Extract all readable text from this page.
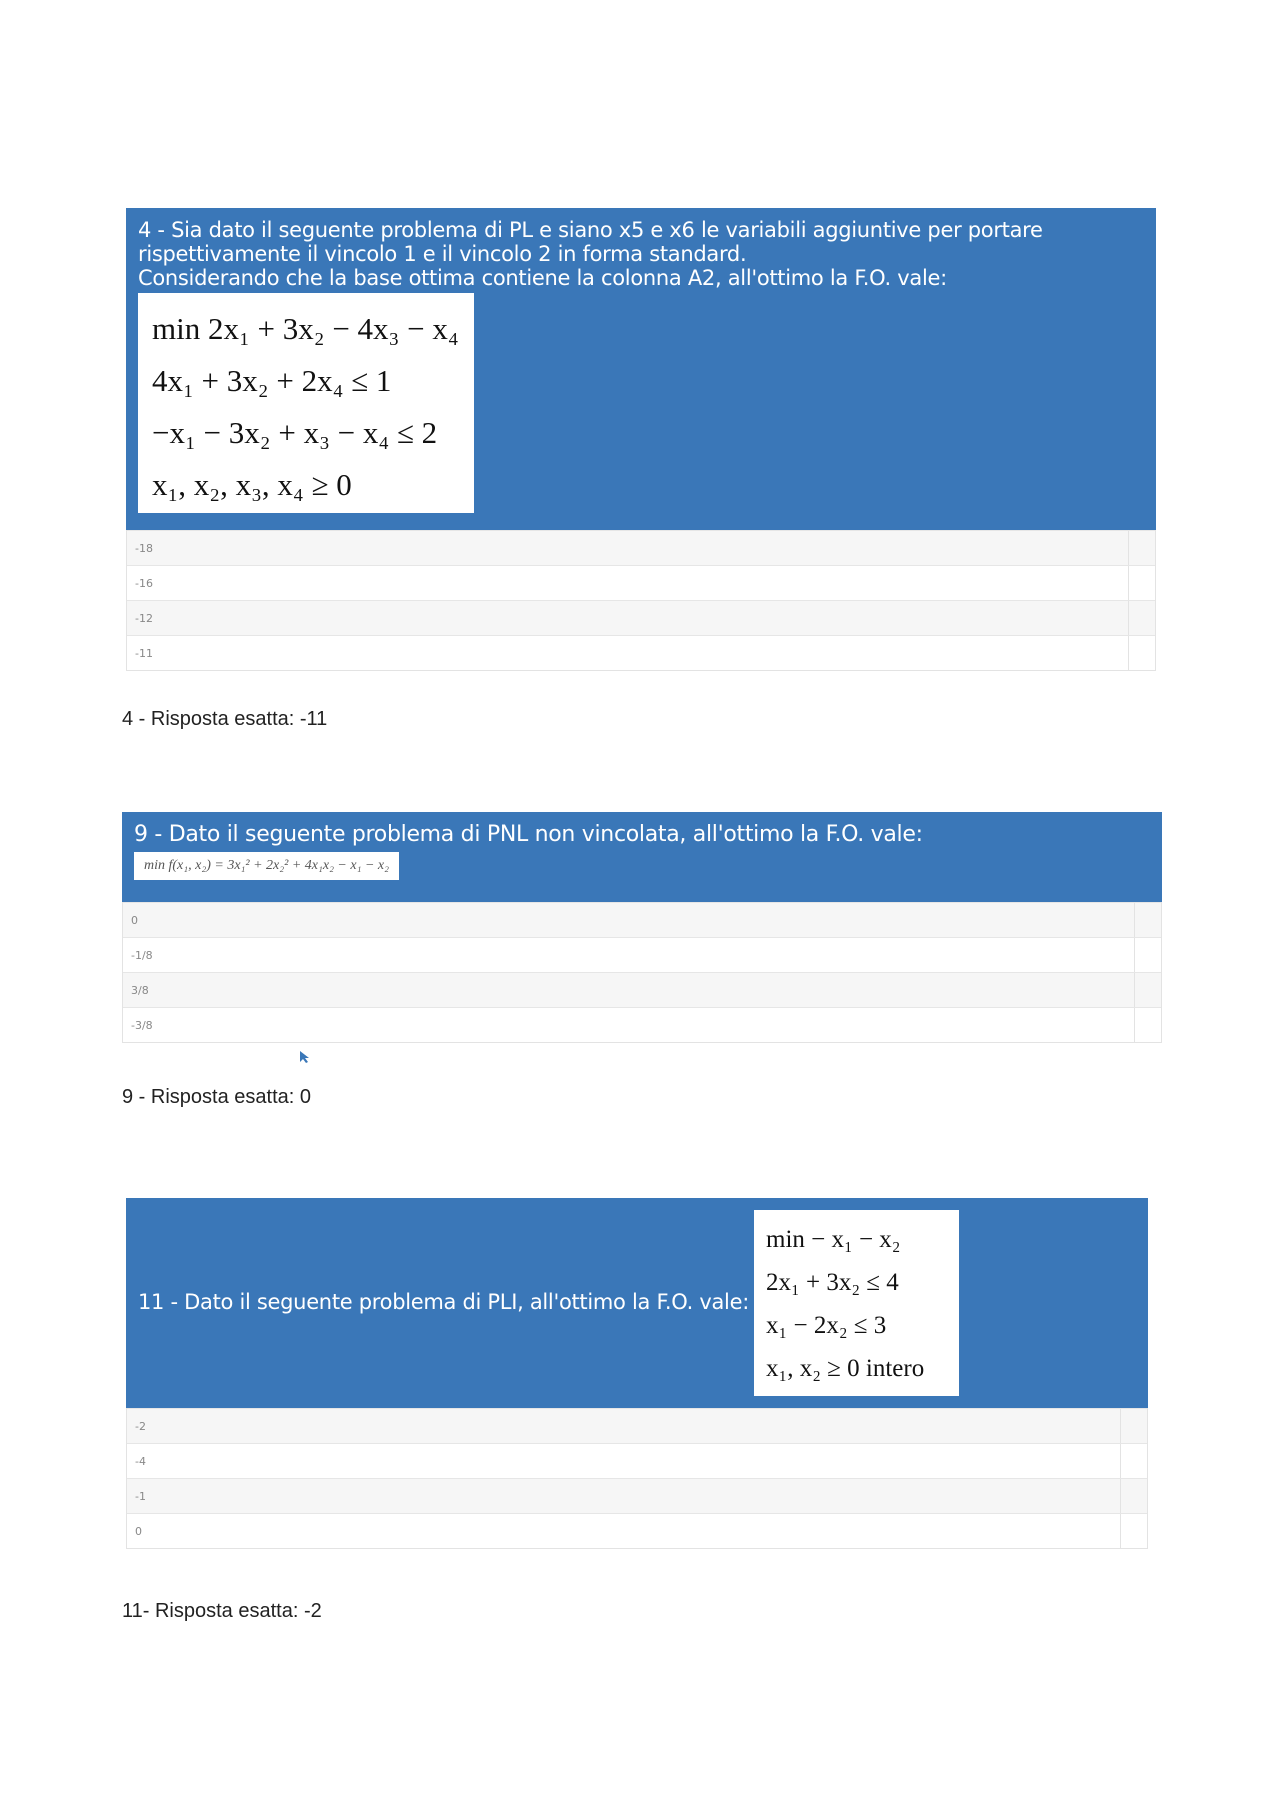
4 - Sia dato il seguente problema di PL e siano x5 e x6 le variabili aggiuntive per portare
rispettivamente il vincolo 1 e il vincolo 2 in forma standard.
Considerando che la base ottima contiene la colonna A2, all'ottimo la F.O. vale:
min 2x₁ + 3x₂ − 4x₃ − x₄
4x₁ + 3x₂ + 2x₄ ≤ 1
−x₁ − 3x₂ + x₃ − x₄ ≤ 2
x₁, x₂, x₃, x₄ ≥ 0
-18
-16
-12
-11
4 - Risposta esatta: -11
9 - Dato il seguente problema di PNL non vincolata, all'ottimo la F.O. vale:
min f(x₁, x₂) = 3x₁² + 2x₂² + 4x₁x₂ − x₁ − x₂
0
-1/8
3/8
-3/8
9 - Risposta esatta: 0
11 - Dato il seguente problema di PLI, all'ottimo la F.O. vale:
min − x₁ − x₂
2x₁ + 3x₂ ≤ 4
x₁ − 2x₂ ≤ 3
x₁, x₂ ≥ 0 intero
-2
-4
-1
0
11- Risposta esatta: -2
